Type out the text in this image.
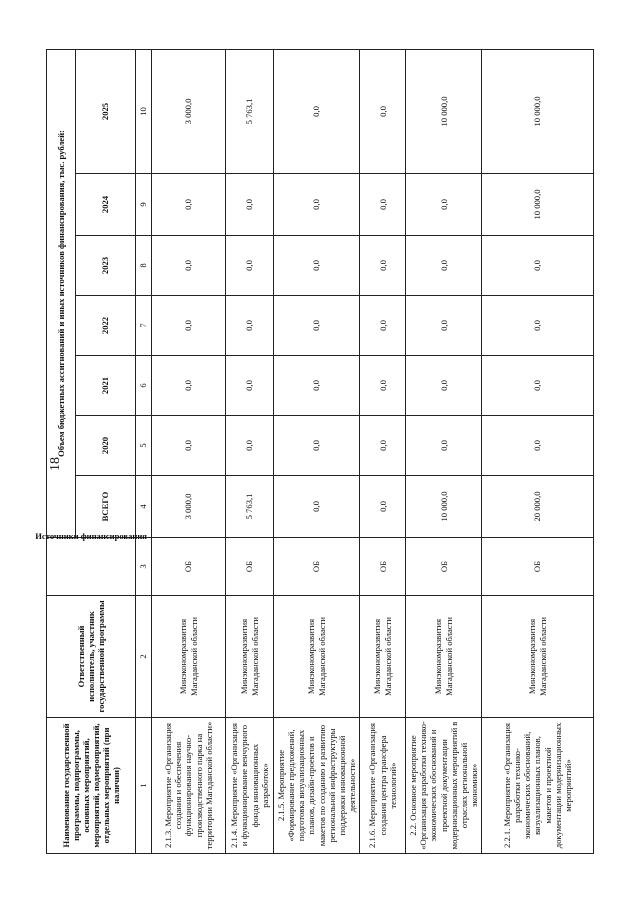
18
Наименование государственной программы, подпрограммы, основных мероприятий, мероприятий, подмероприятий, отдельных мероприятий (при наличии)	Ответственный исполнитель, участник государственной программы	Источники финансирования	Объем бюджетных ассигнований и иных источников финансирования, тыс. рублей:						
			ВСЕГО	2020	2021	2022	2023	2024	2025
1	2	3	4	5	6	7	8	9	10
2.1.3. Мероприятие «Организация создания и обеспечения функционирования научно-производственного парка на территории Магаданской области»	Минэкономразвития Магаданской области	ОБ	3 000,0	0,0	0,0	0,0	0,0	0,0	3 000,0
2.1.4. Мероприятие «Организация и функционирование венчурного фонда инновационных разработок»	Минэкономразвития Магаданской области	ОБ	5 763,1	0,0	0,0	0,0	0,0	0,0	5 763,1
2.1.5. Мероприятие «Формирование предложений, подготовка визуализационных планов, дизайн-проектов и макетов по созданию и развитию региональной инфраструктуры поддержки инновационной деятельности»	Минэкономразвития Магаданской области	ОБ	0,0	0,0	0,0	0,0	0,0	0,0	0,0
2.1.6. Мероприятие «Организация создания центра трансфера технологий»	Минэкономразвития Магаданской области	ОБ	0,0	0,0	0,0	0,0	0,0	0,0	0,0
2.2. Основное мероприятие «Организация разработки технико-экономических обоснований и проектной документации модернизационных мероприятий в отраслях региональной экономики»	Минэкономразвития Магаданской области	ОБ	10 000,0	0,0	0,0	0,0	0,0	0,0	10 000,0
2.2.1. Мероприятие «Организация разработки технико-экономических обоснований, визуализационных планов, макетов и проектной документации модернизационных мероприятий»	Минэкономразвития Магаданской области	ОБ	20 000,0	0,0	0,0	0,0	0,0	10 000,0	10 000,0
